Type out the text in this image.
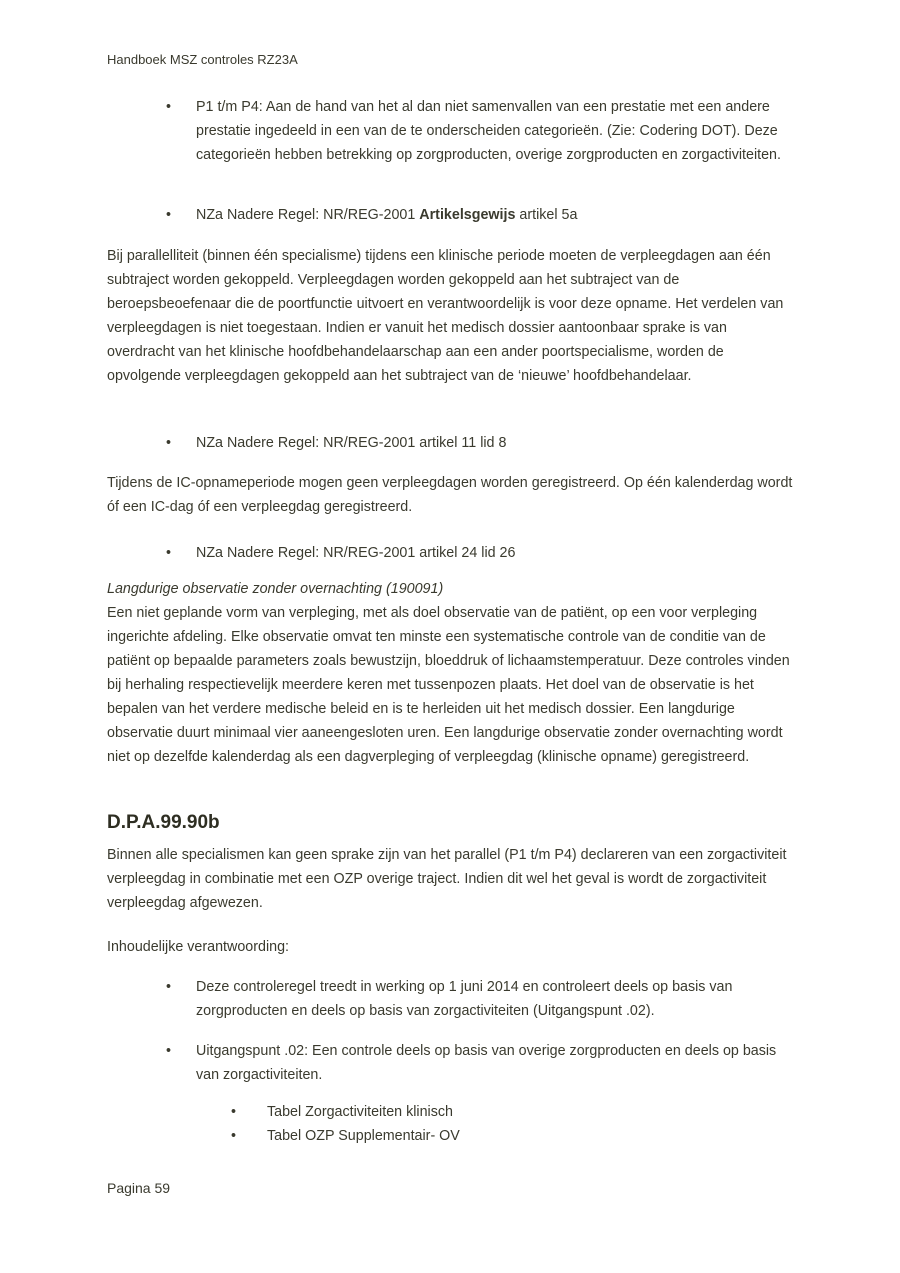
Handboek MSZ controles RZ23A
• P1 t/m P4: Aan de hand van het al dan niet samenvallen van een prestatie met een andere prestatie ingedeeld in een van de te onderscheiden categorieën. (Zie: Codering DOT). Deze categorieën hebben betrekking op zorgproducten, overige zorgproducten en zorgactiviteiten.
• NZa Nadere Regel: NR/REG-2001 Artikelsgewijs artikel 5a
Bij parallelliteit (binnen één specialisme) tijdens een klinische periode moeten de verpleegdagen aan één subtraject worden gekoppeld. Verpleegdagen worden gekoppeld aan het subtraject van de beroepsbeoefenaar die de poortfunctie uitvoert en verantwoordelijk is voor deze opname. Het verdelen van verpleegdagen is niet toegestaan. Indien er vanuit het medisch dossier aantoonbaar sprake is van overdracht van het klinische hoofdbehandelaarschap aan een ander poortspecialisme, worden de opvolgende verpleegdagen gekoppeld aan het subtraject van de ‘nieuwe’ hoofdbehandelaar.
• NZa Nadere Regel: NR/REG-2001 artikel 11 lid 8
Tijdens de IC-opnameperiode mogen geen verpleegdagen worden geregistreerd. Op één kalenderdag wordt óf een IC-dag óf een verpleegdag geregistreerd.
• NZa Nadere Regel: NR/REG-2001 artikel 24 lid 26
Langdurige observatie zonder overnachting (190091)
Een niet geplande vorm van verpleging, met als doel observatie van de patiënt, op een voor verpleging ingerichte afdeling. Elke observatie omvat ten minste een systematische controle van de conditie van de patiënt op bepaalde parameters zoals bewustzijn, bloeddruk of lichaamstemperatuur. Deze controles vinden bij herhaling respectievelijk meerdere keren met tussenpozen plaats. Het doel van de observatie is het bepalen van het verdere medische beleid en is te herleiden uit het medisch dossier. Een langdurige observatie duurt minimaal vier aaneengesloten uren. Een langdurige observatie zonder overnachting wordt niet op dezelfde kalenderdag als een dagverpleging of verpleegdag (klinische opname) geregistreerd.
D.P.A.99.90b
Binnen alle specialismen kan geen sprake zijn van het parallel (P1 t/m P4) declareren van een zorgactiviteit verpleegdag in combinatie met een OZP overige traject. Indien dit wel het geval is wordt de zorgactiviteit verpleegdag afgewezen.
Inhoudelijke verantwoording:
• Deze controleregel treedt in werking op 1 juni 2014 en controleert deels op basis van zorgproducten en deels op basis van zorgactiviteiten (Uitgangspunt .02).
• Uitgangspunt .02: Een controle deels op basis van overige zorgproducten en deels op basis van zorgactiviteiten.
• Tabel Zorgactiviteiten klinisch
• Tabel OZP Supplementair- OV
Pagina 59
